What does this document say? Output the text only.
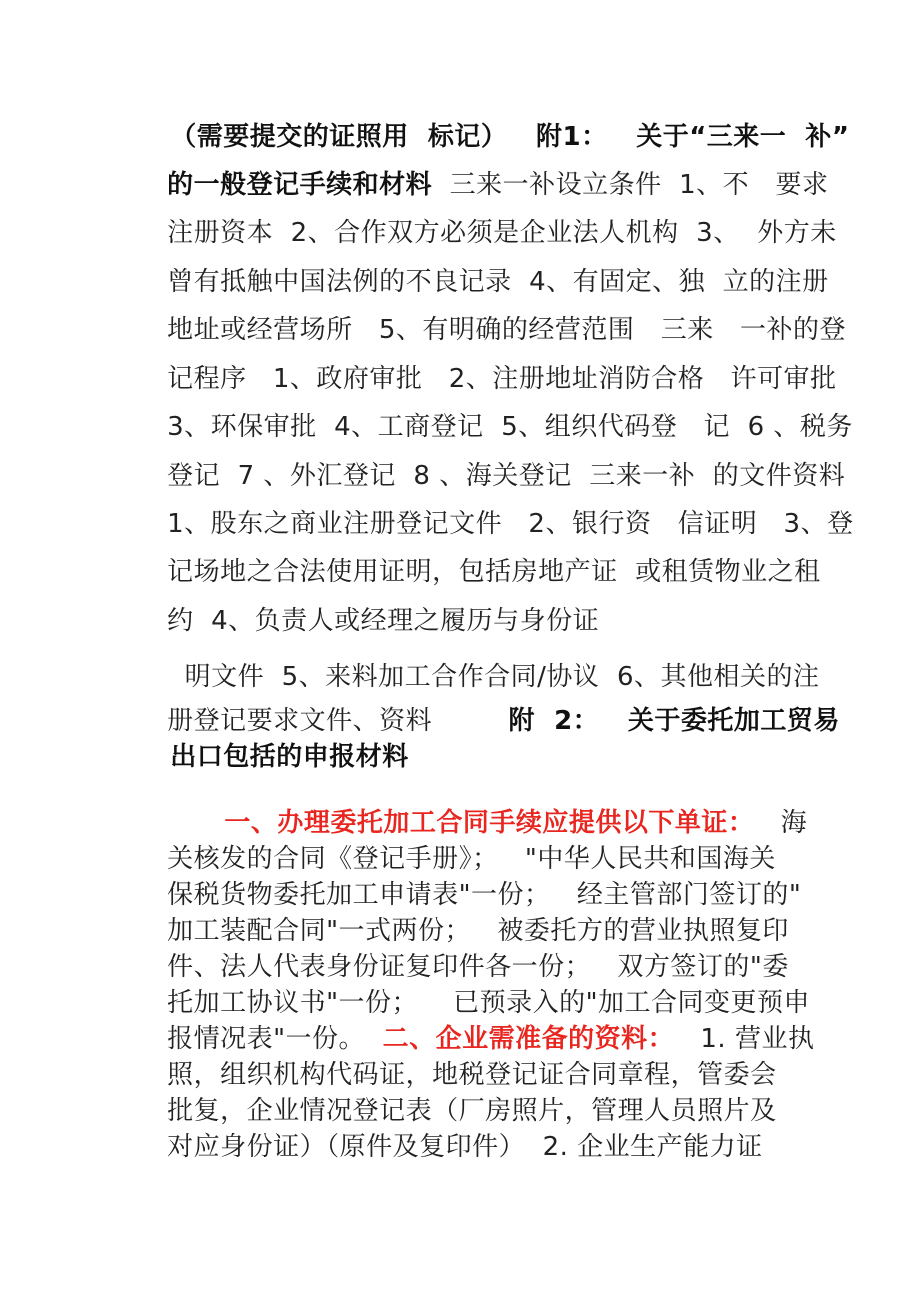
（需要提交的证照用  标记）   附1：   关于“三来一  补”

的一般登记手续和材料  三来一补设立条件  1、不   要求

注册资本  2、合作双方必须是企业法人机构  3、  外方未

曾有抵触中国法例的不良记录  4、有固定、独  立的注册

地址或经营场所   5、有明确的经营范围   三来   一补的登

记程序   1、政府审批   2、注册地址消防合格   许可审批

3、环保审批  4、工商登记  5、组织代码登   记  6 、税务

登记  7 、外汇登记  8 、海关登记  三来一补  的文件资料

1、股东之商业注册登记文件   2、银行资   信证明   3、登

记场地之合法使用证明，包括房地产证  或租赁物业之租

约  4、负责人或经理之履历与身份证

明文件  5、来料加工合作合同/协议  6、其他相关的注

册登记要求文件、资料        附  2：   关于委托加工贸易

出口包括的申报材料

一、办理委托加工合同手续应提供以下单证：   海

关核发的合同《登记手册》；   "中华人民共和国海关

保税货物委托加工申请表"一份；   经主管部门签订的"

加工装配合同"一式两份；   被委托方的营业执照复印

件、法人代表身份证复印件各一份；   双方签订的"委

托加工协议书"一份；    已预录入的"加工合同变更预申

报情况表"一份。  二、企业需准备的资料：   1. 营业执

照，组织机构代码证，地税登记证合同章程，管委会

批复，企业情况登记表（厂房照片，管理人员照片及

对应身份证）（原件及复印件）  2. 企业生产能力证
